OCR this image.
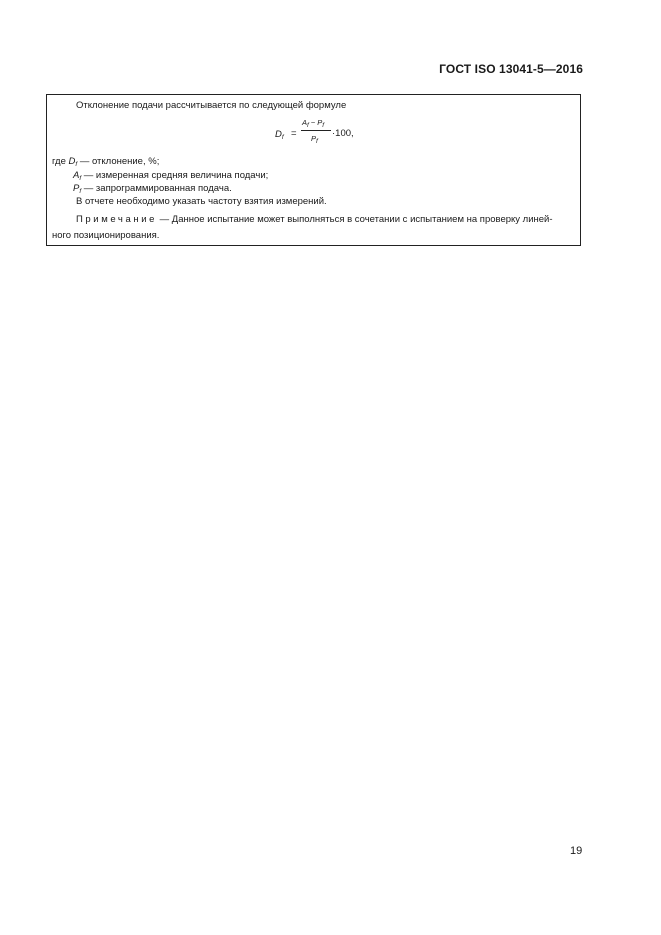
ГОСТ ISO 13041-5—2016
Отклонение подачи рассчитывается по следующей формуле
$D_f$ =
$A_f - P_f$
$P_f$
·100,
где $D_f$ — отклонение, %;
$A_f$ — измеренная средняя величина подачи;
$P_f$ — запрограммированная подача.
В отчете необходимо указать частоту взятия измерений.
Примечание — Данное испытание может выполняться в сочетании с испытанием на проверку линей-
ного позиционирования.
19
